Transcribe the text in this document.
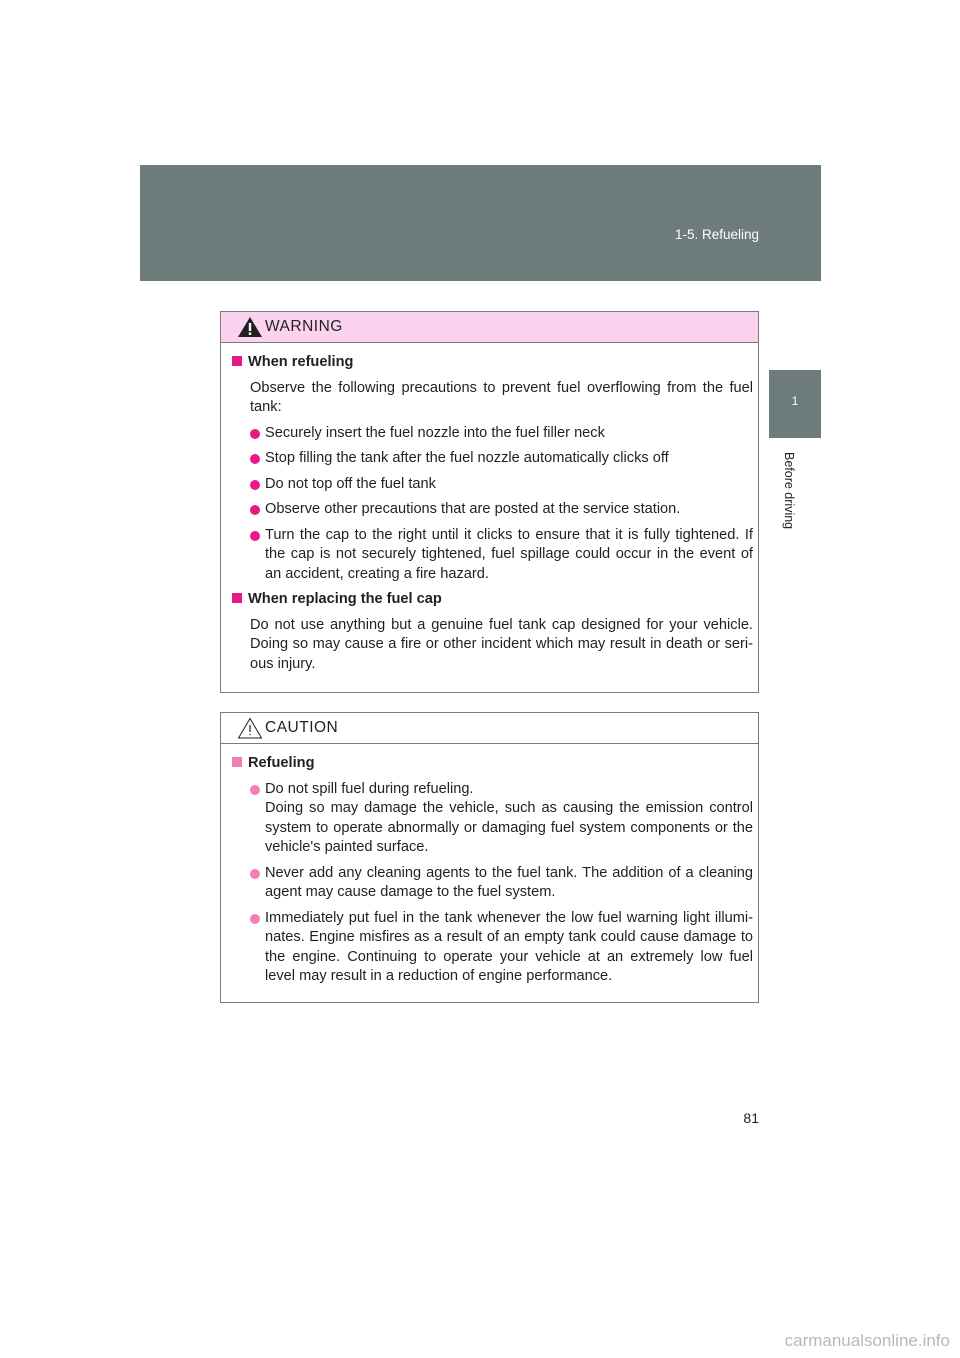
1-5. Refueling
1
Before driving
WARNING
When refueling
Observe the following precautions to prevent fuel overflowing from the fuel tank:
Securely insert the fuel nozzle into the fuel filler neck
Stop filling the tank after the fuel nozzle automatically clicks off
Do not top off the fuel tank
Observe other precautions that are posted at the service station.
Turn the cap to the right until it clicks to ensure that it is fully tightened. If the cap is not securely tightened, fuel spillage could occur in the event of an accident, creating a fire hazard.
When replacing the fuel cap
Do not use anything but a genuine fuel tank cap designed for your vehicle. Doing so may cause a fire or other incident which may result in death or seri-ous injury.
CAUTION
Refueling
Do not spill fuel during refueling.
Doing so may damage the vehicle, such as causing the emission control system to operate abnormally or damaging fuel system components or the vehicle's painted surface.
Never add any cleaning agents to the fuel tank. The addition of a cleaning agent may cause damage to the fuel system.
Immediately put fuel in the tank whenever the low fuel warning light illumi-nates. Engine misfires as a result of an empty tank could cause damage to the engine. Continuing to operate your vehicle at an extremely low fuel level may result in a reduction of engine performance.
81
carmanualsonline.info
